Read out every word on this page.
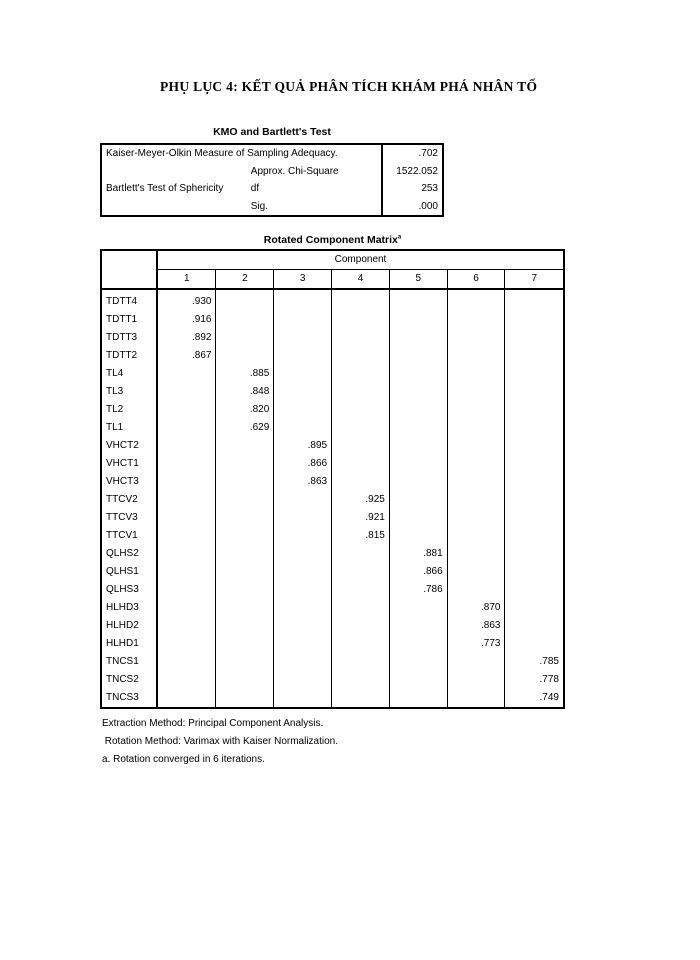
PHỤ LỤC 4: KẾT QUẢ PHÂN TÍCH KHÁM PHÁ NHÂN TỐ
KMO and Bartlett's Test
Kaiser-Meyer-Olkin Measure of Sampling Adequacy.		.702
Bartlett's Test of Sphericity	Approx. Chi-Square	1522.052
	df	253
	Sig.	.000
Rotated Component Matrix$^a$
	Component						
	1	2	3	4	5	6	7
TDTT4	.930						
TDTT1	.916						
TDTT3	.892						
TDTT2	.867						
TL4		.885					
TL3		.848					
TL2		.820					
TL1		.629					
VHCT2			.895				
VHCT1			.866				
VHCT3			.863				
TTCV2				.925			
TTCV3				.921			
TTCV1				.815			
QLHS2					.881		
QLHS1					.866		
QLHS3					.786		
HLHD3						.870	
HLHD2						.863	
HLHD1						.773	
TNCS1							.785
TNCS2							.778
TNCS3							.749
Extraction Method: Principal Component Analysis.
Rotation Method: Varimax with Kaiser Normalization.
a. Rotation converged in 6 iterations.
